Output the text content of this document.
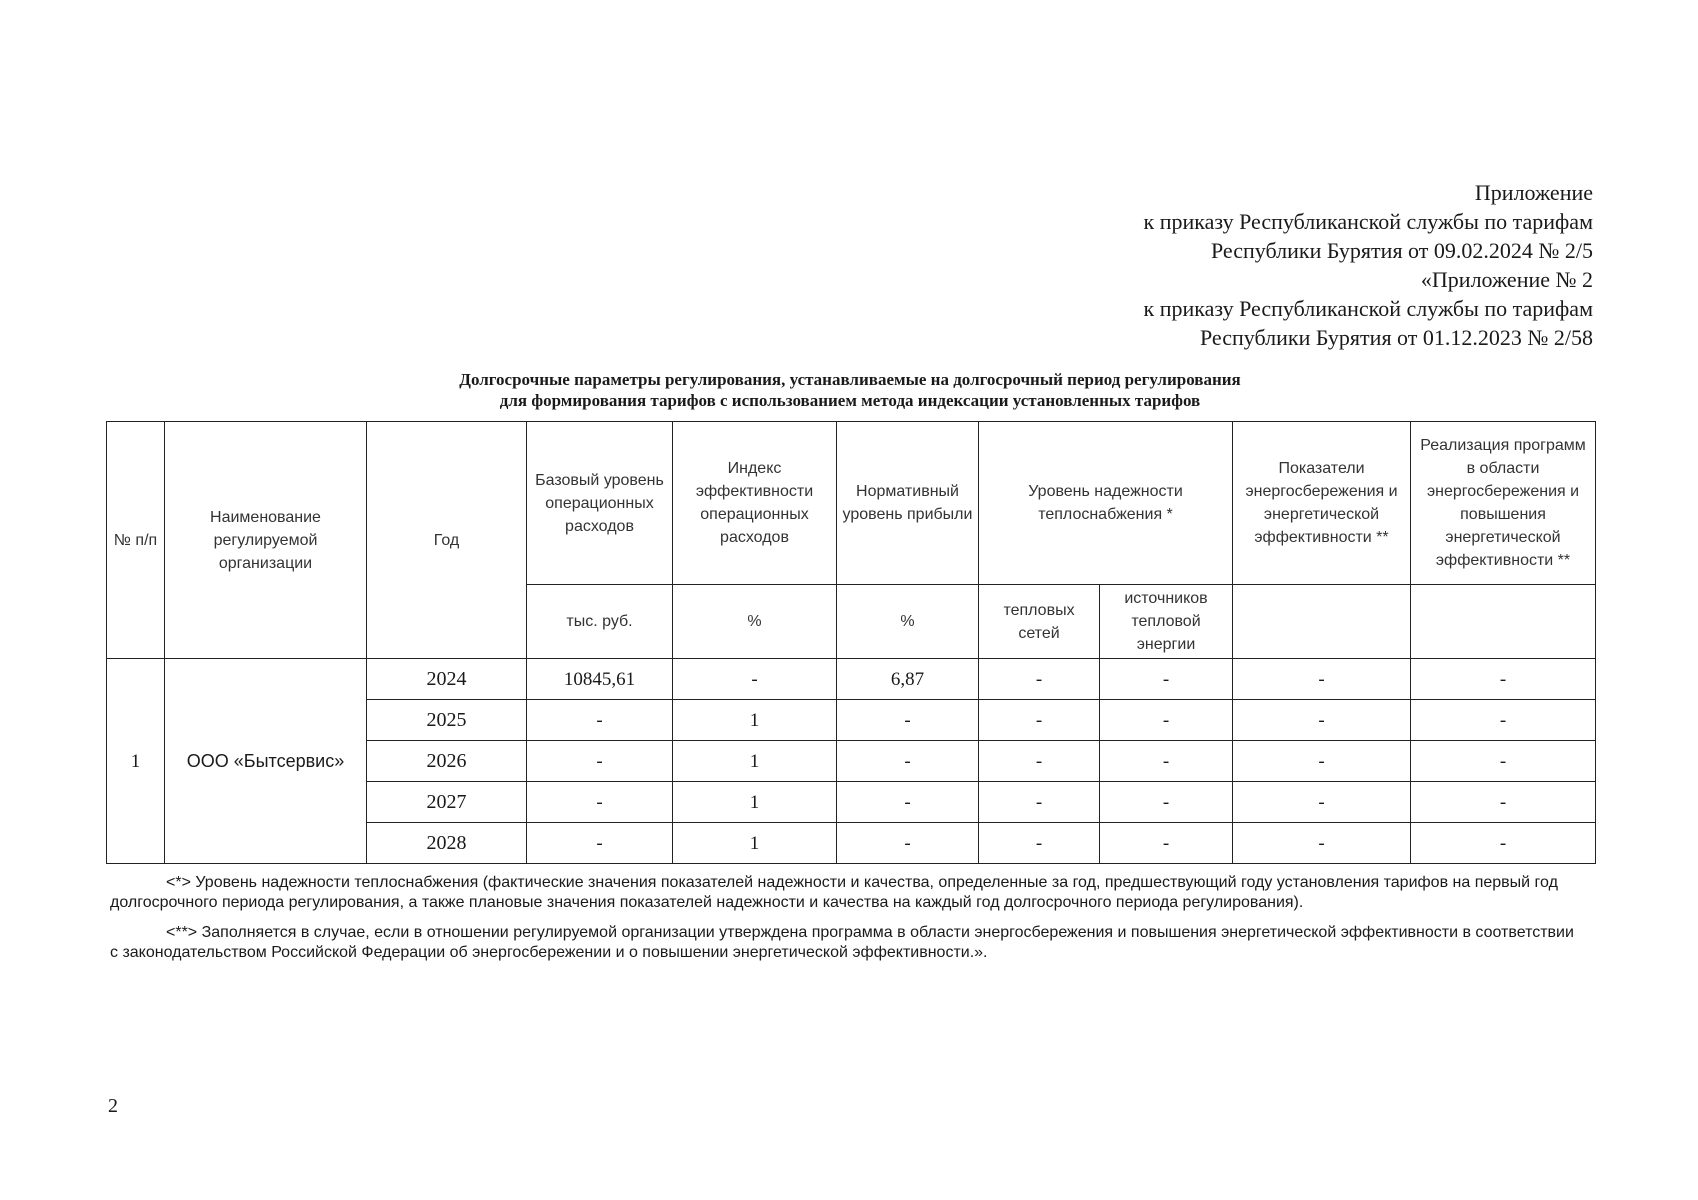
Приложение
к приказу Республиканской службы по тарифам
Республики Бурятия от 09.02.2024 № 2/5
«Приложение № 2
к приказу Республиканской службы по тарифам
Республики Бурятия от 01.12.2023 № 2/58
Долгосрочные параметры регулирования, устанавливаемые на долгосрочный период регулирования
для формирования тарифов с использованием метода индексации установленных тарифов
№ п/п	Наименование регулируемой организации	Год	Базовый уровень операционных расходов	Индекс эффективности операционных расходов	Нормативный уровень прибыли	Уровень надежности теплоснабжения *		Показатели энергосбережения и энергетической эффективности **	Реализация программ в области энергосбережения и повышения энергетической эффективности **
			тыс. руб.	%	%	тепловых сетей	источников тепловой энергии		
1	ООО «Бытсервис»	2024	10845,61	-	6,87	-	-	-	-
		2025	-	1	-	-	-	-	-
		2026	-	1	-	-	-	-	-
		2027	-	1	-	-	-	-	-
		2028	-	1	-	-	-	-	-

<*> Уровень надежности теплоснабжения (фактические значения показателей надежности и качества, определенные за год, предшествующий году установления тарифов на первый год долгосрочного периода регулирования, а также плановые значения показателей надежности и качества на каждый год долгосрочного периода регулирования).

<**> Заполняется в случае, если в отношении регулируемой организации утверждена программа в области энергосбережения и повышения энергетической эффективности в соответствии с законодательством Российской Федерации об энергосбережении и о повышении энергетической эффективности.».

2
